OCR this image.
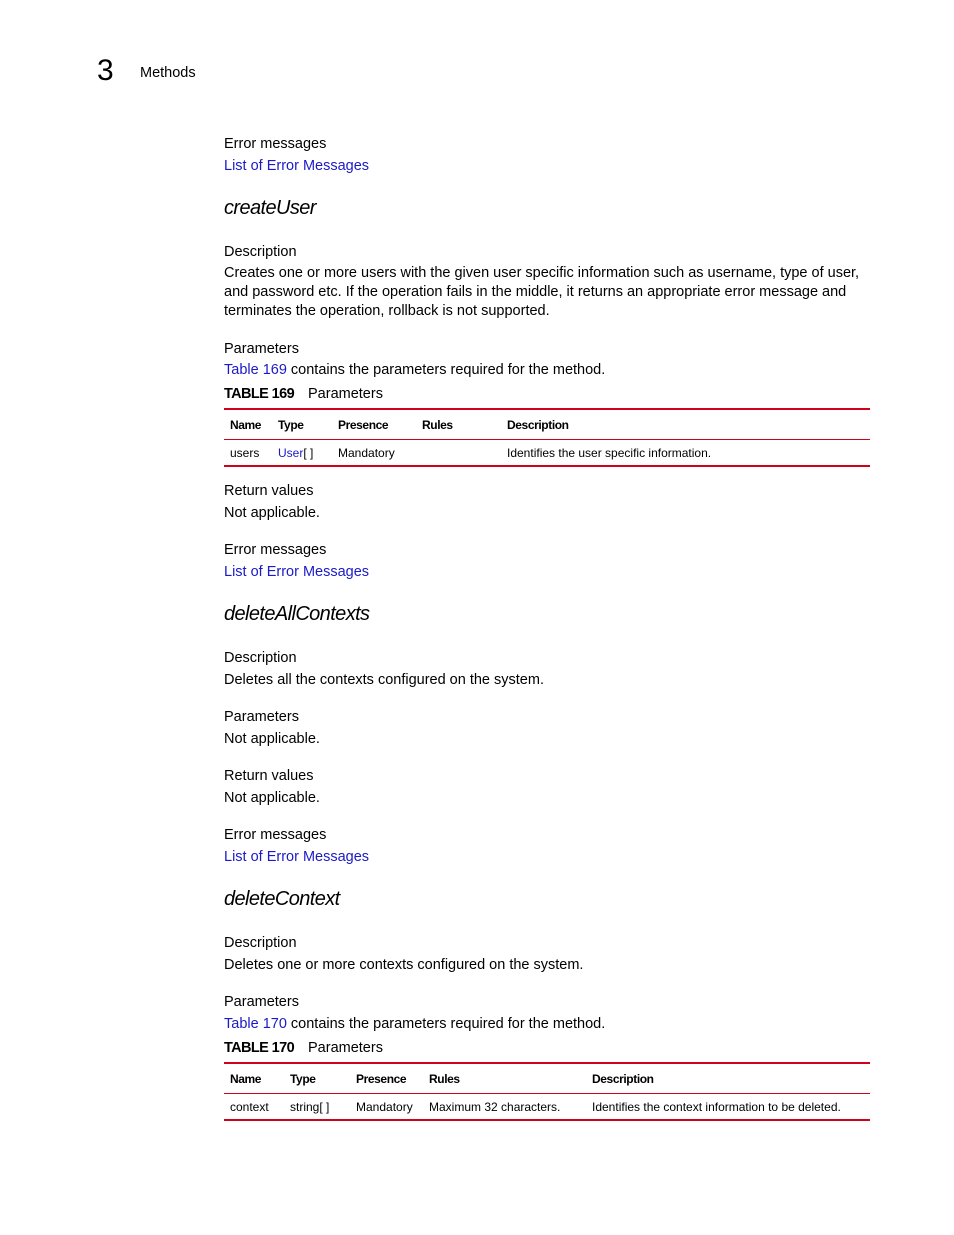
3 Methods
Error messages
List of Error Messages
createUser
Description
Creates one or more users with the given user specific information such as username, type of user, and password etc. If the operation fails in the middle, it returns an appropriate error message and terminates the operation, rollback is not supported.
Parameters
Table 169 contains the parameters required for the method.
TABLE 169 Parameters
Name	Type	Presence	Rules	Description
users	User[ ]	Mandatory		Identifies the user specific information.
Return values
Not applicable.
Error messages
List of Error Messages
deleteAllContexts
Description
Deletes all the contexts configured on the system.
Parameters
Not applicable.
Return values
Not applicable.
Error messages
List of Error Messages
deleteContext
Description
Deletes one or more contexts configured on the system.
Parameters
Table 170 contains the parameters required for the method.
TABLE 170 Parameters
Name	Type	Presence	Rules	Description
context	string[ ]	Mandatory	Maximum 32 characters.	Identifies the context information to be deleted.
